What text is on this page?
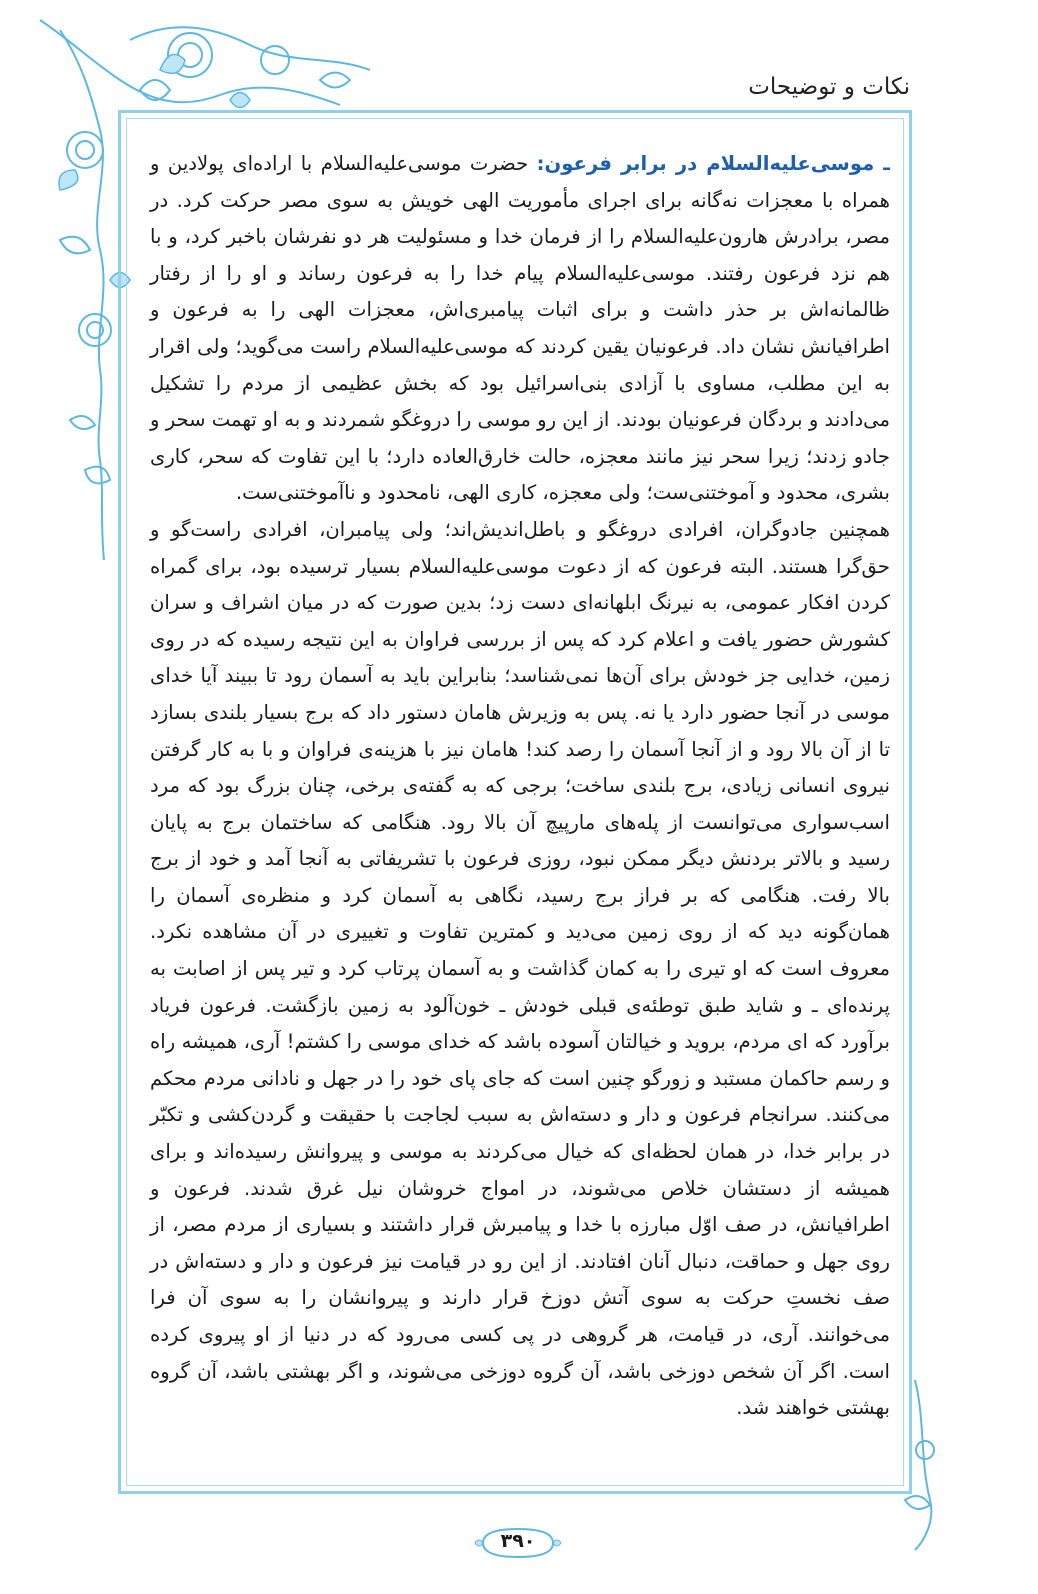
نکات و توضیحات

ـ موسی‌علیه‌السلام در برابر فرعون: حضرت موسی‌علیه‌السلام با اراده‌ای پولادین و همراه با معجزات نه‌گانه برای اجرای مأموریت الهی خویش به سوی مصر حرکت کرد. در مصر، برادرش هارون‌علیه‌السلام را از فرمان خدا و مسئولیت هر دو نفرشان باخبر کرد، و با هم نزد فرعون رفتند. موسی‌علیه‌السلام پیام خدا را به فرعون رساند و او را از رفتار ظالمانه‌اش بر حذر داشت و برای اثبات پیامبری‌اش، معجزات الهی را به فرعون و اطرافیانش نشان داد. فرعونیان یقین کردند که موسی‌علیه‌السلام راست می‌گوید؛ ولی اقرار به این مطلب، مساوی با آزادی بنی‌اسرائیل بود که بخش عظیمی از مردم را تشکیل می‌دادند و بردگان فرعونیان بودند. از این رو موسی را دروغگو شمردند و به او تهمت سحر و جادو زدند؛ زیرا سحر نیز مانند معجزه، حالت خارق‌العاده دارد؛ با این تفاوت که سحر، کاری بشری، محدود و آموختنی‌ست؛ ولی معجزه، کاری الهی، نامحدود و ناآموختنی‌ست.

همچنین جادوگران، افرادی دروغگو و باطل‌اندیش‌اند؛ ولی پیامبران، افرادی راست‌گو و حق‌گرا هستند. البته فرعون که از دعوت موسی‌علیه‌السلام بسیار ترسیده بود، برای گمراه کردن افکار عمومی، به نیرنگ ابلهانه‌ای دست زد؛ بدین صورت که در میان اشراف و سران کشورش حضور یافت و اعلام کرد که پس از بررسی فراوان به این نتیجه رسیده که در روی زمین، خدایی جز خودش برای آن‌ها نمی‌شناسد؛ بنابراین باید به آسمان رود تا ببیند آیا خدای موسی در آنجا حضور دارد یا نه. پس به وزیرش هامان دستور داد که برج بسیار بلندی بسازد تا از آن بالا رود و از آنجا آسمان را رصد کند! هامان نیز با هزینه‌ی فراوان و با به کار گرفتن نیروی انسانی زیادی، برج بلندی ساخت؛ برجی که به گفته‌ی برخی، چنان بزرگ بود که مرد اسب‌سواری می‌توانست از پله‌های مارپیچ آن بالا رود. هنگامی که ساختمان برج به پایان رسید و بالاتر بردنش دیگر ممکن نبود، روزی فرعون با تشریفاتی به آنجا آمد و خود از برج بالا رفت. هنگامی که بر فراز برج رسید، نگاهی به آسمان کرد و منظره‌ی آسمان را همان‌گونه دید که از روی زمین می‌دید و کمترین تفاوت و تغییری در آن مشاهده نکرد. معروف است که او تیری را به کمان گذاشت و به آسمان پرتاب کرد و تیر پس از اصابت به پرنده‌ای ـ و شاید طبق توطئه‌ی قبلی خودش ـ خون‌آلود به زمین بازگشت. فرعون فریاد برآورد که ای مردم، بروید و خیالتان آسوده باشد که خدای موسی را کشتم! آری، همیشه راه و رسم حاکمان مستبد و زورگو چنین است که جای پای خود را در جهل و نادانی مردم محکم می‌کنند. سرانجام فرعون و دار و دسته‌اش به سبب لجاجت با حقیقت و گردن‌کشی و تکبّر در برابر خدا، در همان لحظه‌ای که خیال می‌کردند به موسی و پیروانش رسیده‌اند و برای همیشه از دستشان خلاص می‌شوند، در امواج خروشان نیل غرق شدند. فرعون و اطرافیانش، در صف اوّل مبارزه با خدا و پیامبرش قرار داشتند و بسیاری از مردم مصر، از روی جهل و حماقت، دنبال آنان افتادند. از این رو در قیامت نیز فرعون و دار و دسته‌اش در صف نخستِ حرکت به سوی آتش دوزخ قرار دارند و پیروانشان را به سوی آن فرا می‌خوانند. آری، در قیامت، هر گروهی در پی کسی می‌رود که در دنیا از او پیروی کرده است. اگر آن شخص دوزخی باشد، آن گروه دوزخی می‌شوند، و اگر بهشتی باشد، آن گروه بهشتی خواهند شد.

۳۹۰
